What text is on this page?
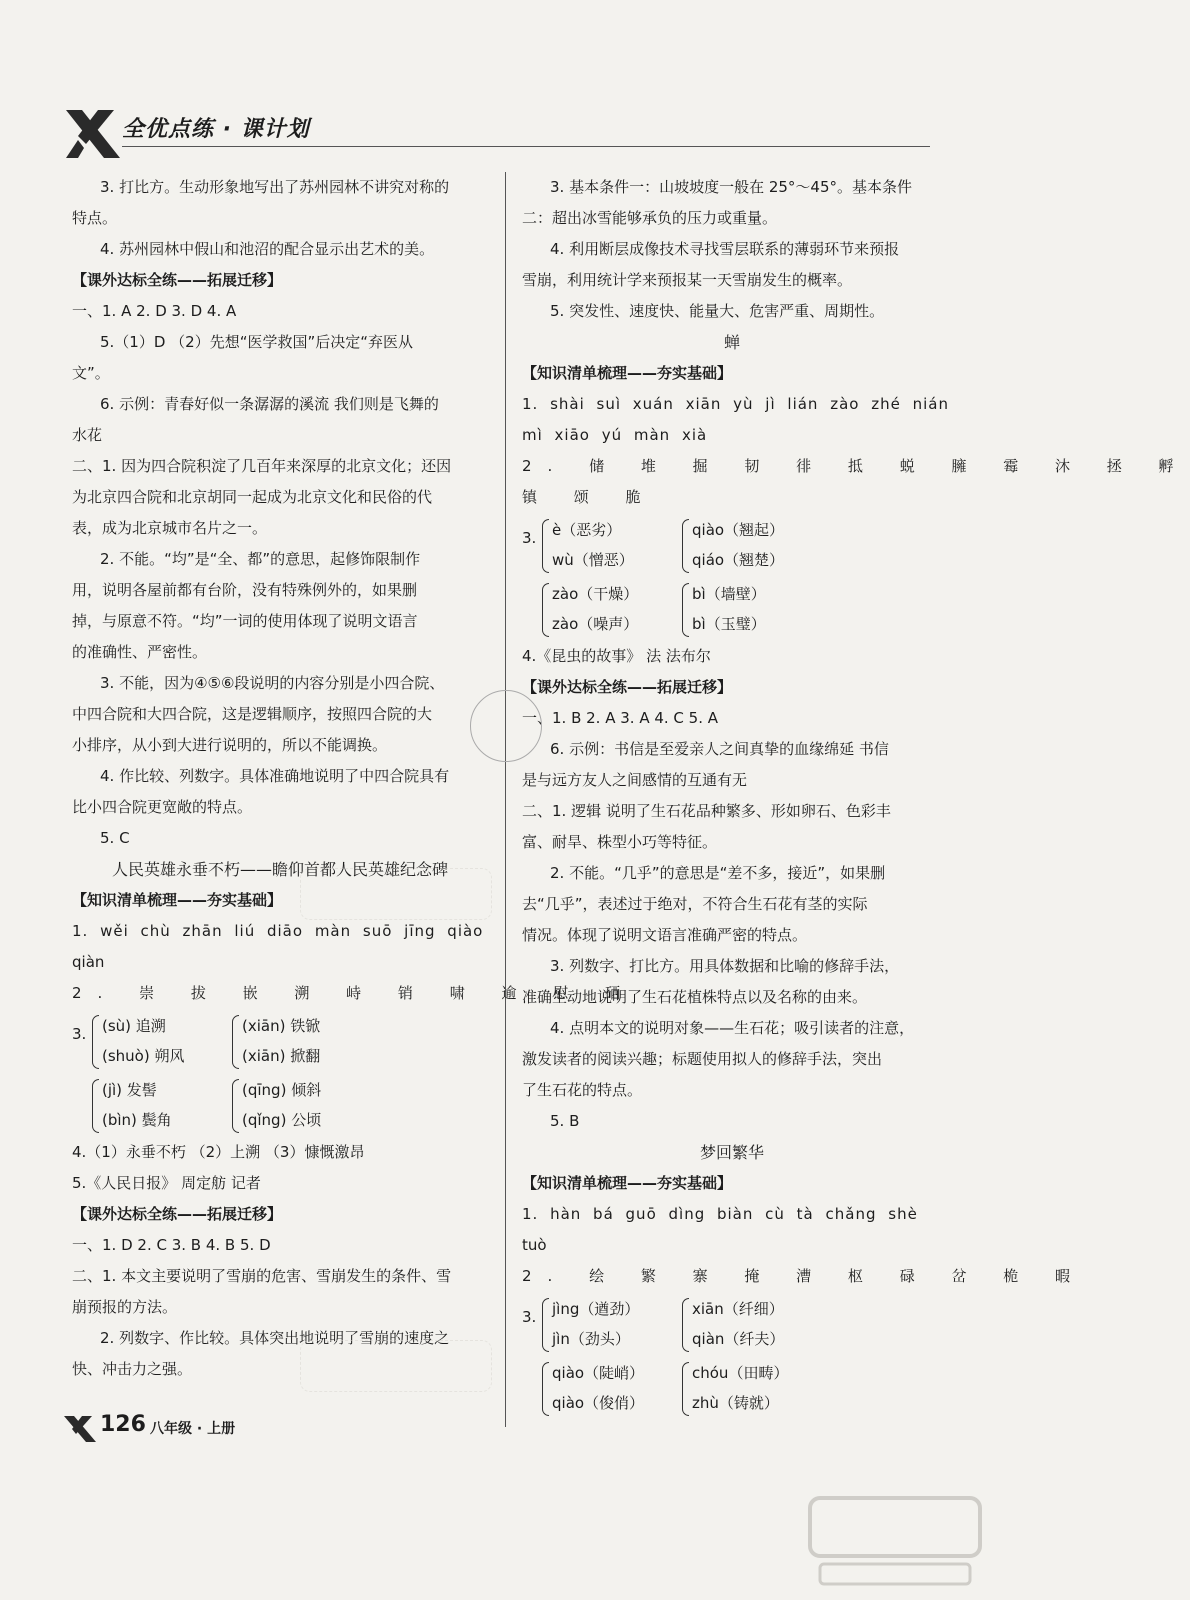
全优点练 · 课计划
3. 打比方。生动形象地写出了苏州园林不讲究对称的
特点。
4. 苏州园林中假山和池沼的配合显示出艺术的美。
【课外达标全练——拓展迁移】
一、1. A 2. D 3. D 4. A
5.（1）D （2）先想“医学救国”后决定“弃医从
文”。
6. 示例：青春好似一条潺潺的溪流 我们则是飞舞的
水花
二、1. 因为四合院积淀了几百年来深厚的北京文化；还因
为北京四合院和北京胡同一起成为北京文化和民俗的代
表，成为北京城市名片之一。
2. 不能。“均”是“全、都”的意思，起修饰限制作
用，说明各屋前都有台阶，没有特殊例外的，如果删
掉，与原意不符。“均”一词的使用体现了说明文语言
的准确性、严密性。
3. 不能，因为④⑤⑥段说明的内容分别是小四合院、
中四合院和大四合院，这是逻辑顺序，按照四合院的大
小排序，从小到大进行说明的，所以不能调换。
4. 作比较、列数字。具体准确地说明了中四合院具有
比小四合院更宽敞的特点。
5. C
人民英雄永垂不朽——瞻仰首都人民英雄纪念碑
【知识清单梳理——夯实基础】
1. wěi chù zhān liú diāo màn suō jīng qiào
qiàn
2. 崇 拔 嵌 溯 峙 销 啸 逾 慰 硒
3. (sù) 追溯
(shuò) 朔风
(xiān) 铁锨
(xiān) 掀翻
(jì) 发髻
(bìn) 鬓角
(qīng) 倾斜
(qǐng) 公顷
4.（1）永垂不朽 （2）上溯 （3）慷慨激昂
5.《人民日报》 周定舫 记者
【课外达标全练——拓展迁移】
一、1. D 2. C 3. B 4. B 5. D
二、1. 本文主要说明了雪崩的危害、雪崩发生的条件、雪
崩预报的方法。
2. 列数字、作比较。具体突出地说明了雪崩的速度之
快、冲击力之强。
3. 基本条件一：山坡坡度一般在 25°～45°。基本条件
二：超出冰雪能够承负的压力或重量。
4. 利用断层成像技术寻找雪层联系的薄弱环节来预报
雪崩，利用统计学来预报某一天雪崩发生的概率。
5. 突发性、速度快、能量大、危害严重、周期性。
蝉
【知识清单梳理——夯实基础】
1. shài suì xuán xiān yù jì lián zào zhé nián
mì xiāo yú màn xià
2. 储 堆 掘 韧 徘 抵 蜕 臃 霉 沐 拯 孵
镇 颂 脆
3. è（恶劣）
wù（憎恶）
qiào（翘起）
qiáo（翘楚）
zào（干燥）
zào（噪声）
bì（墙壁）
bì（玉璧）
4.《昆虫的故事》 法 法布尔
【课外达标全练——拓展迁移】
一、1. B 2. A 3. A 4. C 5. A
6. 示例：书信是至爱亲人之间真挚的血缘绵延 书信
是与远方友人之间感情的互通有无
二、1. 逻辑 说明了生石花品种繁多、形如卵石、色彩丰
富、耐旱、株型小巧等特征。
2. 不能。“几乎”的意思是“差不多，接近”，如果删
去“几乎”，表述过于绝对，不符合生石花有茎的实际
情况。体现了说明文语言准确严密的特点。
3. 列数字、打比方。用具体数据和比喻的修辞手法，
准确生动地说明了生石花植株特点以及名称的由来。
4. 点明本文的说明对象——生石花；吸引读者的注意，
激发读者的阅读兴趣；标题使用拟人的修辞手法，突出
了生石花的特点。
5. B
梦回繁华
【知识清单梳理——夯实基础】
1. hàn bá guō dìng biàn cù tà chǎng shè
tuò
2. 绘 繁 寨 掩 漕 枢 碌 岔 桅 暇
3. jìng（遒劲）
jìn（劲头）
xiān（纤细）
qiàn（纤夫）
qiào（陡峭）
qiào（俊俏）
chóu（田畴）
zhù（铸就）
126 八年级 · 上册
